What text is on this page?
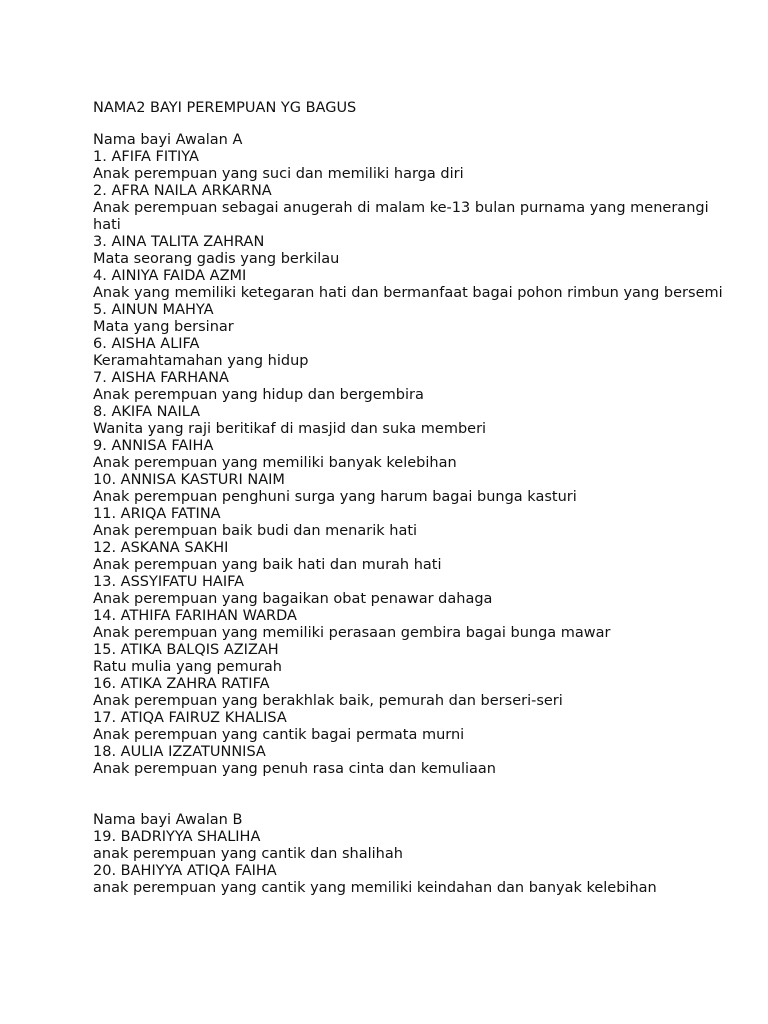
NAMA2 BAYI PEREMPUAN YG BAGUS

Nama bayi Awalan A

1. AFIFA FITIYA

Anak perempuan yang suci dan memiliki harga diri

2. AFRA NAILA ARKARNA

Anak perempuan sebagai anugerah di malam ke-13 bulan purnama yang menerangi hati

3. AINA TALITA ZAHRAN

Mata seorang gadis yang berkilau

4. AINIYA FAIDA AZMI

Anak yang memiliki ketegaran hati dan bermanfaat bagai pohon rimbun yang bersemi

5. AINUN MAHYA

Mata yang bersinar

6. AISHA ALIFA

Keramahtamahan yang hidup

7. AISHA FARHANA

Anak perempuan yang hidup dan bergembira

8. AKIFA NAILA

Wanita yang raji beritikaf di masjid dan suka memberi

9. ANNISA FAIHA

Anak perempuan yang memiliki banyak kelebihan

10. ANNISA KASTURI NAIM

Anak perempuan penghuni surga yang harum bagai bunga kasturi

11. ARIQA FATINA

Anak perempuan baik budi dan menarik hati

12. ASKANA SAKHI

Anak perempuan yang baik hati dan murah hati

13. ASSYIFATU HAIFA

Anak perempuan yang bagaikan obat penawar dahaga

14. ATHIFA FARIHAN WARDA

Anak perempuan yang memiliki perasaan gembira bagai bunga mawar

15. ATIKA BALQIS AZIZAH

Ratu mulia yang pemurah

16. ATIKA ZAHRA RATIFA

Anak perempuan yang berakhlak baik, pemurah dan berseri-seri

17. ATIQA FAIRUZ KHALISA

Anak perempuan yang cantik bagai permata murni

18. AULIA IZZATUNNISA

Anak perempuan yang penuh rasa cinta dan kemuliaan

Nama bayi Awalan B

19. BADRIYYA SHALIHA

anak perempuan yang cantik dan shalihah

20. BAHIYYA ATIQA FAIHA

anak perempuan yang cantik yang memiliki keindahan dan banyak kelebihan
